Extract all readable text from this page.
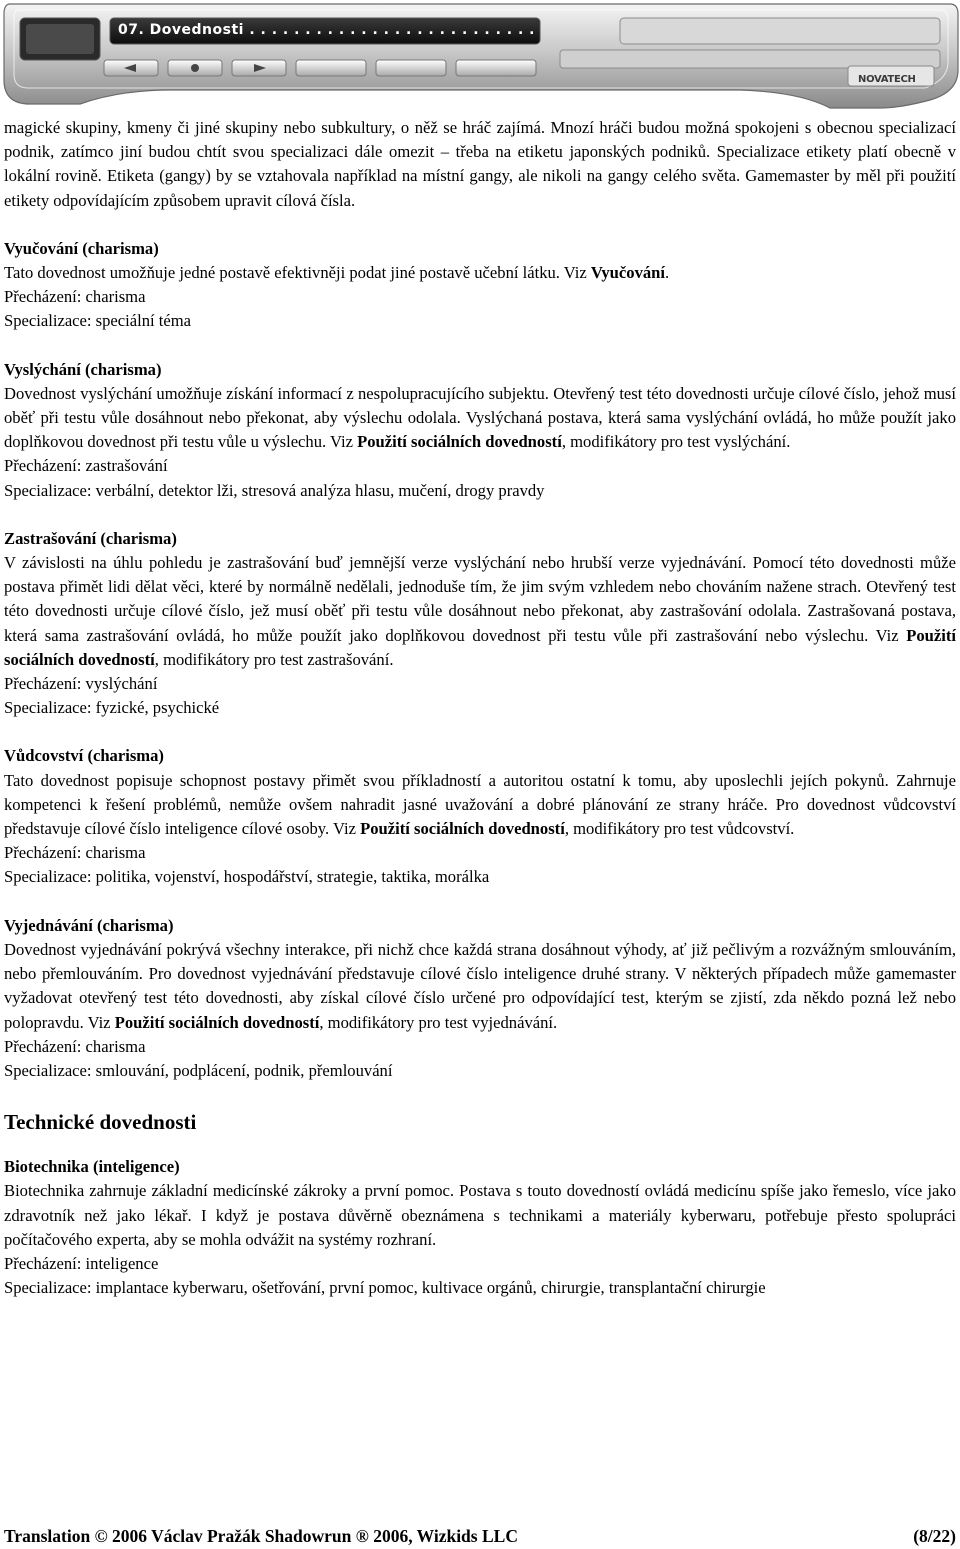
07. Dovednosti . . . . . . . . . . . . . . . . . . . . . . . . . .
NOVATECH

magické skupiny, kmeny či jiné skupiny nebo subkultury, o něž se hráč zajímá. Mnozí hráči budou možná spokojeni s obecnou specializací podnik, zatímco jiní budou chtít svou specializaci dále omezit – třeba na etiketu japonských podniků. Specializace etikety platí obecně v lokální rovině. Etiketa (gangy) by se vztahovala například na místní gangy, ale nikoli na gangy celého světa. Gamemaster by měl při použití etikety odpovídajícím způsobem upravit cílová čísla.

Vyučování (charisma)

Tato dovednost umožňuje jedné postavě efektivněji podat jiné postavě učební látku. Viz Vyučování.

Přecházení: charisma
Specializace: speciální téma
Vyslýchání (charisma)

Dovednost vyslýchání umožňuje získání informací z nespolupracujícího subjektu. Otevřený test této dovednosti určuje cílové číslo, jehož musí oběť při testu vůle dosáhnout nebo překonat, aby výslechu odolala. Vyslýchaná postava, která sama vyslýchání ovládá, ho může použít jako doplňkovou dovednost při testu vůle u výslechu. Viz Použití sociálních dovedností, modifikátory pro test vyslýchání.

Přecházení: zastrašování
Specializace: verbální, detektor lži, stresová analýza hlasu, mučení, drogy pravdy
Zastrašování (charisma)

V závislosti na úhlu pohledu je zastrašování buď jemnější verze vyslýchání nebo hrubší verze vyjednávání. Pomocí této dovednosti může postava přimět lidi dělat věci, které by normálně nedělali, jednoduše tím, že jim svým vzhledem nebo chováním nažene strach. Otevřený test této dovednosti určuje cílové číslo, jež musí oběť při testu vůle dosáhnout nebo překonat, aby zastrašování odolala. Zastrašovaná postava, která sama zastrašování ovládá, ho může použít jako doplňkovou dovednost při testu vůle při zastrašování nebo výslechu. Viz Použití sociálních dovedností, modifikátory pro test zastrašování.

Přecházení: vyslýchání
Specializace: fyzické, psychické
Vůdcovství (charisma)

Tato dovednost popisuje schopnost postavy přimět svou příkladností a autoritou ostatní k tomu, aby uposlechli jejích pokynů. Zahrnuje kompetenci k řešení problémů, nemůže ovšem nahradit jasné uvažování a dobré plánování ze strany hráče. Pro dovednost vůdcovství představuje cílové číslo inteligence cílové osoby. Viz Použití sociálních dovedností, modifikátory pro test vůdcovství.

Přecházení: charisma
Specializace: politika, vojenství, hospodářství, strategie, taktika, morálka
Vyjednávání (charisma)

Dovednost vyjednávání pokrývá všechny interakce, při nichž chce každá strana dosáhnout výhody, ať již pečlivým a rozvážným smlouváním, nebo přemlouváním. Pro dovednost vyjednávání představuje cílové číslo inteligence druhé strany. V některých případech může gamemaster vyžadovat otevřený test této dovednosti, aby získal cílové číslo určené pro odpovídající test, kterým se zjistí, zda někdo pozná lež nebo polopravdu. Viz Použití sociálních dovedností, modifikátory pro test vyjednávání.

Přecházení: charisma
Specializace: smlouvání, podplácení, podnik, přemlouvání
Technické dovednosti
Biotechnika (inteligence)

Biotechnika zahrnuje základní medicínské zákroky a první pomoc. Postava s touto dovedností ovládá medicínu spíše jako řemeslo, více jako zdravotník než jako lékař. I když je postava důvěrně obeznámena s technikami a materiály kyberwaru, potřebuje přesto spolupráci počítačového experta, aby se mohla odvážit na systémy rozhraní.

Přecházení: inteligence
Specializace: implantace kyberwaru, ošetřování, první pomoc, kultivace orgánů, chirurgie, transplantační chirurgie
Translation © 2006 Václav Pražák Shadowrun ® 2006, Wizkids LLC	(8/22)
